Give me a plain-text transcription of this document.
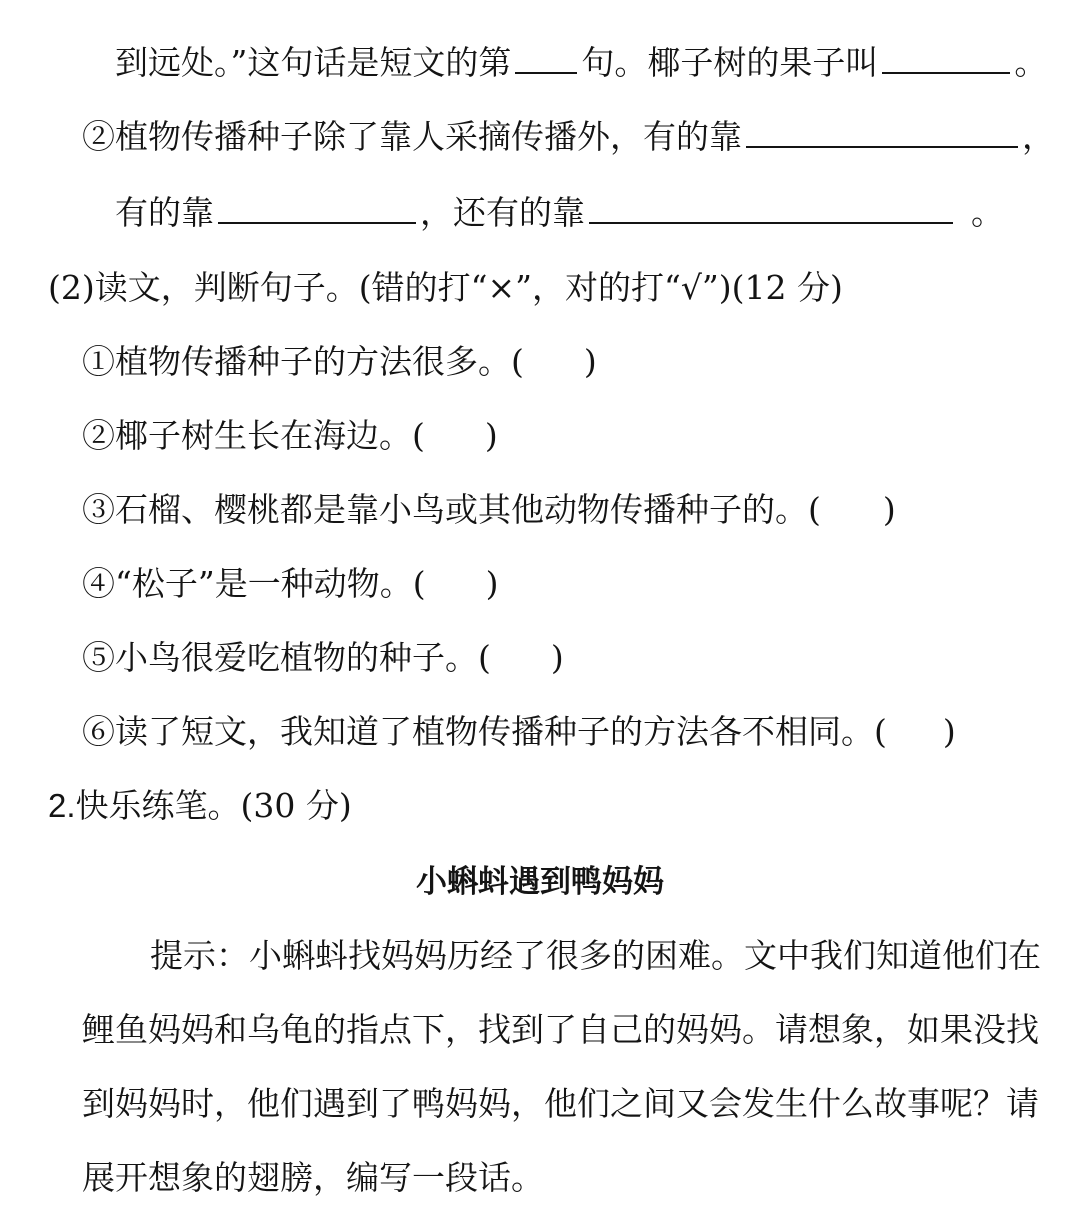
到远处。”这句话是短文的第 句。椰子树的果子叫	。
②植物传播种子除了靠人采摘传播外，有的靠	，
有的靠	，还有的靠	。
(2)读文，判断句子。(错的打“×”，对的打“√”)(12 分)
①植物传播种子的方法很多。( )
②椰子树生长在海边。( )
③石榴、樱桃都是靠小鸟或其他动物传播种子的。( )
④“松子”是一种动物。( )
⑤小鸟很爱吃植物的种子。( )
⑥读了短文，我知道了植物传播种子的方法各不相同。( )
2.快乐练笔。(30 分)
小蝌蚪遇到鸭妈妈
提示：小蝌蚪找妈妈历经了很多的困难。文中我们知道他们在
鲤鱼妈妈和乌龟的指点下，找到了自己的妈妈。请想象，如果没找
到妈妈时，他们遇到了鸭妈妈，他们之间又会发生什么故事呢？请
展开想象的翅膀，编写一段话。
